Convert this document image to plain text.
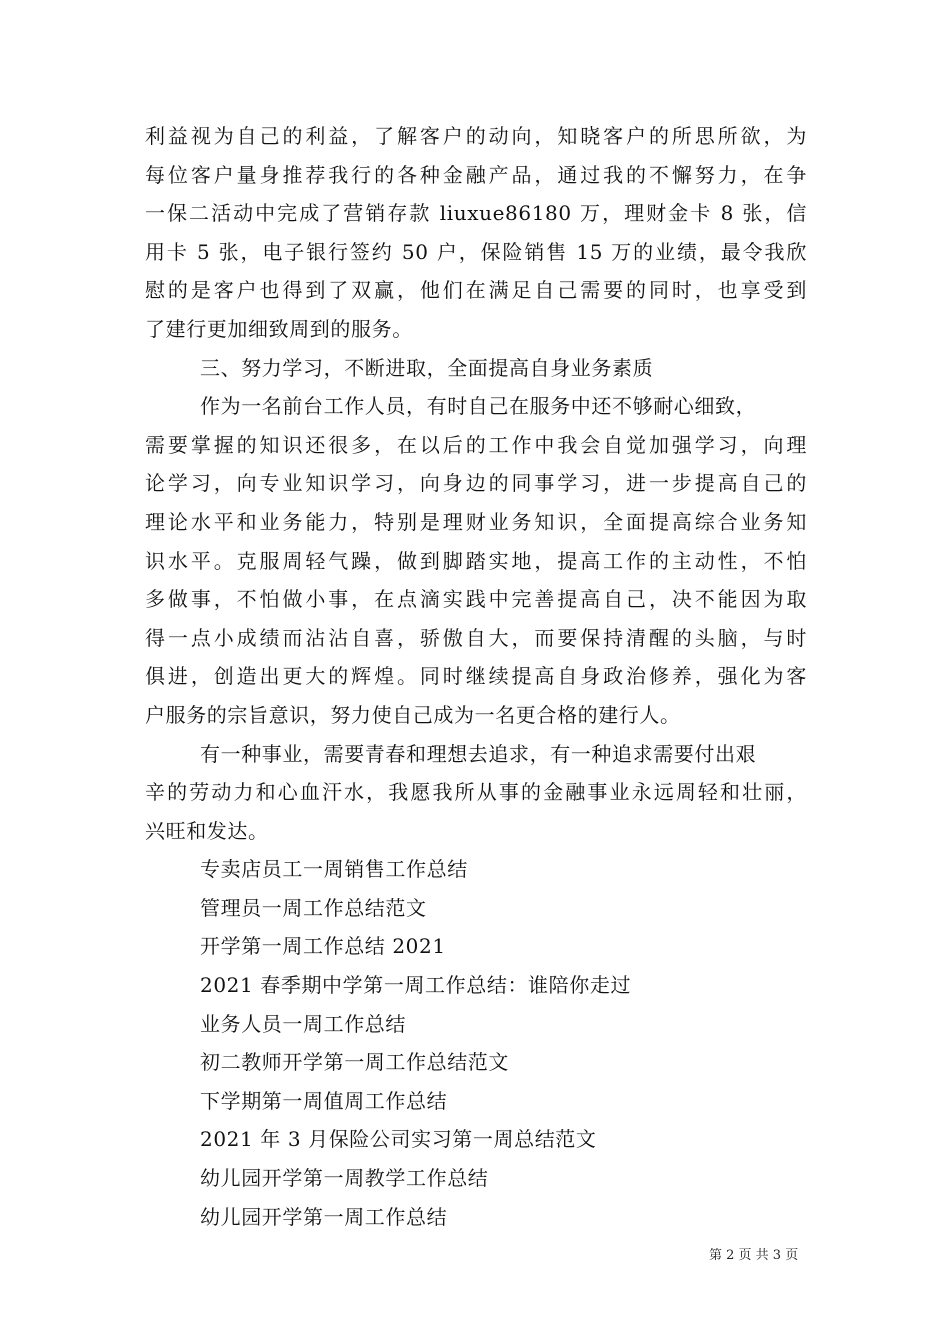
利益视为自己的利益，了解客户的动向，知晓客户的所思所欲，为
每位客户量身推荐我行的各种金融产品，通过我的不懈努力，在争
一保二活动中完成了营销存款 liuxue86180 万，理财金卡 8 张，信
用卡 5 张，电子银行签约 50 户，保险销售 15 万的业绩，最令我欣
慰的是客户也得到了双赢，他们在满足自己需要的同时，也享受到
了建行更加细致周到的服务。
三、努力学习，不断进取，全面提高自身业务素质
作为一名前台工作人员，有时自己在服务中还不够耐心细致，
需要掌握的知识还很多，在以后的工作中我会自觉加强学习，向理
论学习，向专业知识学习，向身边的同事学习，进一步提高自己的
理论水平和业务能力，特别是理财业务知识，全面提高综合业务知
识水平。克服周轻气躁，做到脚踏实地，提高工作的主动性，不怕
多做事，不怕做小事，在点滴实践中完善提高自己，决不能因为取
得一点小成绩而沾沾自喜，骄傲自大，而要保持清醒的头脑，与时
俱进，创造出更大的辉煌。同时继续提高自身政治修养，强化为客
户服务的宗旨意识，努力使自己成为一名更合格的建行人。
有一种事业，需要青春和理想去追求，有一种追求需要付出艰
辛的劳动力和心血汗水，我愿我所从事的金融事业永远周轻和壮丽，
兴旺和发达。
专卖店员工一周销售工作总结
管理员一周工作总结范文
开学第一周工作总结 2021
2021 春季期中学第一周工作总结：谁陪你走过
业务人员一周工作总结
初二教师开学第一周工作总结范文
下学期第一周值周工作总结
2021 年 3 月保险公司实习第一周总结范文
幼儿园开学第一周教学工作总结
幼儿园开学第一周工作总结
第 2 页 共 3 页
